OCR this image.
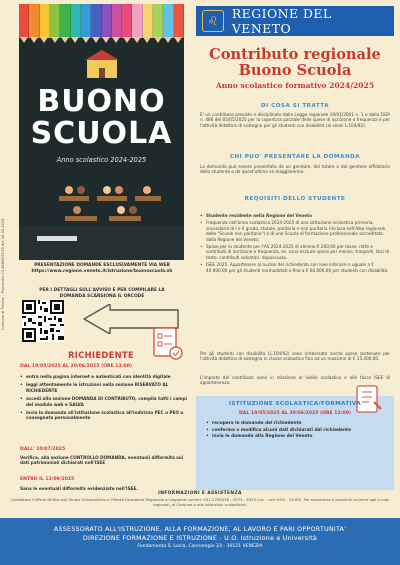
Comune di Treviso - Protocollo 03.48895/2025 del 06-05-2025
BUONO
SCUOLA
Anno scolastico 2024-2025
PRESENTAZIONE DOMANDE ESCLUSIVAMENTE VIA WEB
https://www.regione.veneto.it/istruzione/buonoscuola.sh
PER I DETTAGLI SULL'AVVISO E PER COMPILARE LA
DOMANDA SCANSIONA IL QRCODE
RICHIEDENTE
DAL 19/05/2025 AL 20/06/2025 (ORE 12:00)
• entra nella pagina internet e autenticati con identità digitale
• leggi attentamente le istruzioni nella sezione RISERVATO AL RICHIEDENTE
• accedi alla sezione DOMANDA DI CONTRIBUTO, compila tutti i campi del modulo web e SALVA
• invia la domanda all'istituzione scolastica all'indirizzo PEC o PEO o consegnata personalmente
DALL' 10/07/2025
Verifica, alla sezione CONTROLLO DOMANDA, eventuali difformità sui dati patrimoniali dichiarati nell'ISEE
ENTRO IL 12/09/2025
Sana le eventuali difformità evidenziate nell'ISEE.
♌	REGIONE DEL VENETO
Contributo regionale
Buono Scuola
Anno scolastico formativo 2024/2025
DI COSA SI TRATTA
E' un contributo previsto e disciplinato dalla Legge regionale 19/01/2001 n. 1 e dalla DGR n. 486 del 05/05/2025 per la copertura parziale delle spese di iscrizione e frequenza e per l'attività didattica di sostegno per gli studenti con disabilità (ai sensi L.104/92).
CHI PUO' PRESENTARE LA DOMANDA
La domanda può essere presentata da un genitore, dal tutore o dal genitore affidatario dello studente o da quest'ultimo se maggiorenne.
REQUISITI DELLO STUDENTE
• Studente residente nella Regione del Veneto
• Frequenza nell'anno scolastico 2024-2025 di una istituzione scolastica primaria, secondaria di I e II grado, statale, paritaria e non paritaria (inclusa nell'Albo regionale delle "Scuole non paritarie") o di una Scuola di formazione professionale accreditata dalla Regione del Veneto;
• Spese per lo studente per l'AS 2024-2025 di almeno € 200,00 per tasse, rette e contributi di iscrizione e frequenza, es. sono escluse spese per mense, trasporti, libri di testo, contributi volontari, doposcuola.
• ISEE 2025. Appartenere al nucleo del richiedente con Isee inferiore o uguale a € 40.000,00 per gli studenti normodotati e fino a € 60.000,00 per studenti con disabilità.
Per gli studenti con disabilità (L.104/92) sono rimborsate anche spese sostenute per l'attività didattica di sostegno in classe scolastica fino ad un massimo di € 15.000,00.
L'importo del contributo varia in relazione al livello scolastico e alle fasce ISEE di appartenenza.
ISTITUZIONE SCOLASTICA/FORMATIVA
DAL 19/05/2025 AL 30/06/2025 (ORE 12:00)
• recupera le domande del richiedente
• conferma o modifica alcuni dati dichiarati dal richiedente
• invia le domande alla Regione del Veneto
INFORMAZIONI E ASSISTENZA
Contattare l'Ufficio Diritto allo Studio Universitario e Offerta Formativa Regionale ai seguenti numeri: 041-2795036 - 5573 - 5033 (lun - ven 9:00 - 13:00). Per assistenza è possibile scrivere agli e-mail regionali, al Comune o alle istituzioni scolastiche.
ASSESSORATO ALL'ISTRUZIONE, ALLA FORMAZIONE, AL LAVORO E PARI OPPORTUNITA'
DIREZIONE FORMAZIONE E ISTRUZIONE - U.O. Istruzione e Università
Fondamenta S. Lucia, Cannaregio 23 - 30121 VENEZIA
